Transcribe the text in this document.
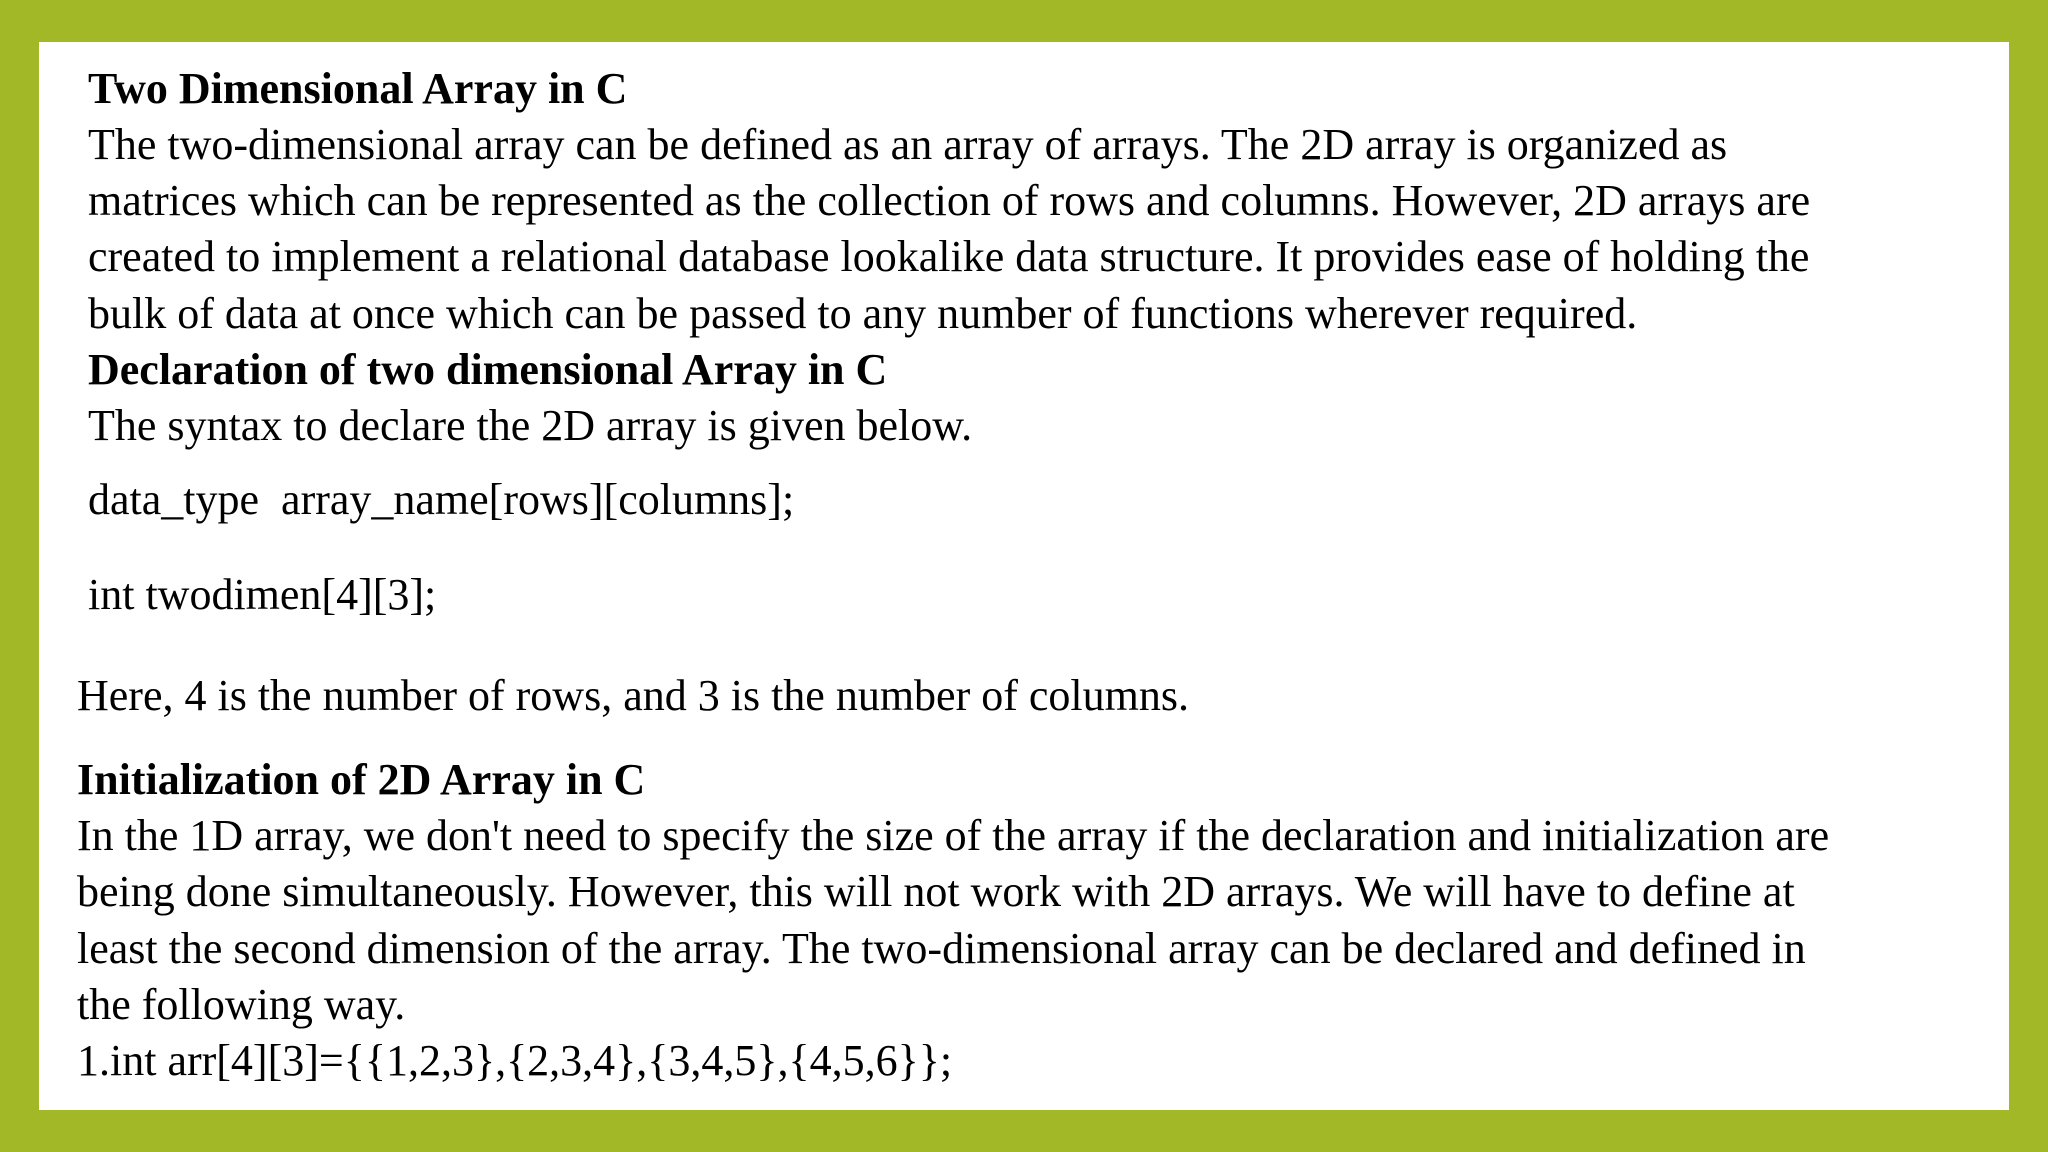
Two Dimensional Array in C

The two-dimensional array can be defined as an array of arrays. The 2D array is organized as

matrices which can be represented as the collection of rows and columns. However, 2D arrays are

created to implement a relational database lookalike data structure. It provides ease of holding the

bulk of data at once which can be passed to any number of functions wherever required.

Declaration of two dimensional Array in C

The syntax to declare the 2D array is given below.

data_type  array_name[rows][columns];

int twodimen[4][3];

Here, 4 is the number of rows, and 3 is the number of columns.

Initialization of 2D Array in C

In the 1D array, we don't need to specify the size of the array if the declaration and initialization are

being done simultaneously. However, this will not work with 2D arrays. We will have to define at

least the second dimension of the array. The two-dimensional array can be declared and defined in

the following way.

1.int arr[4][3]={{1,2,3},{2,3,4},{3,4,5},{4,5,6}};
